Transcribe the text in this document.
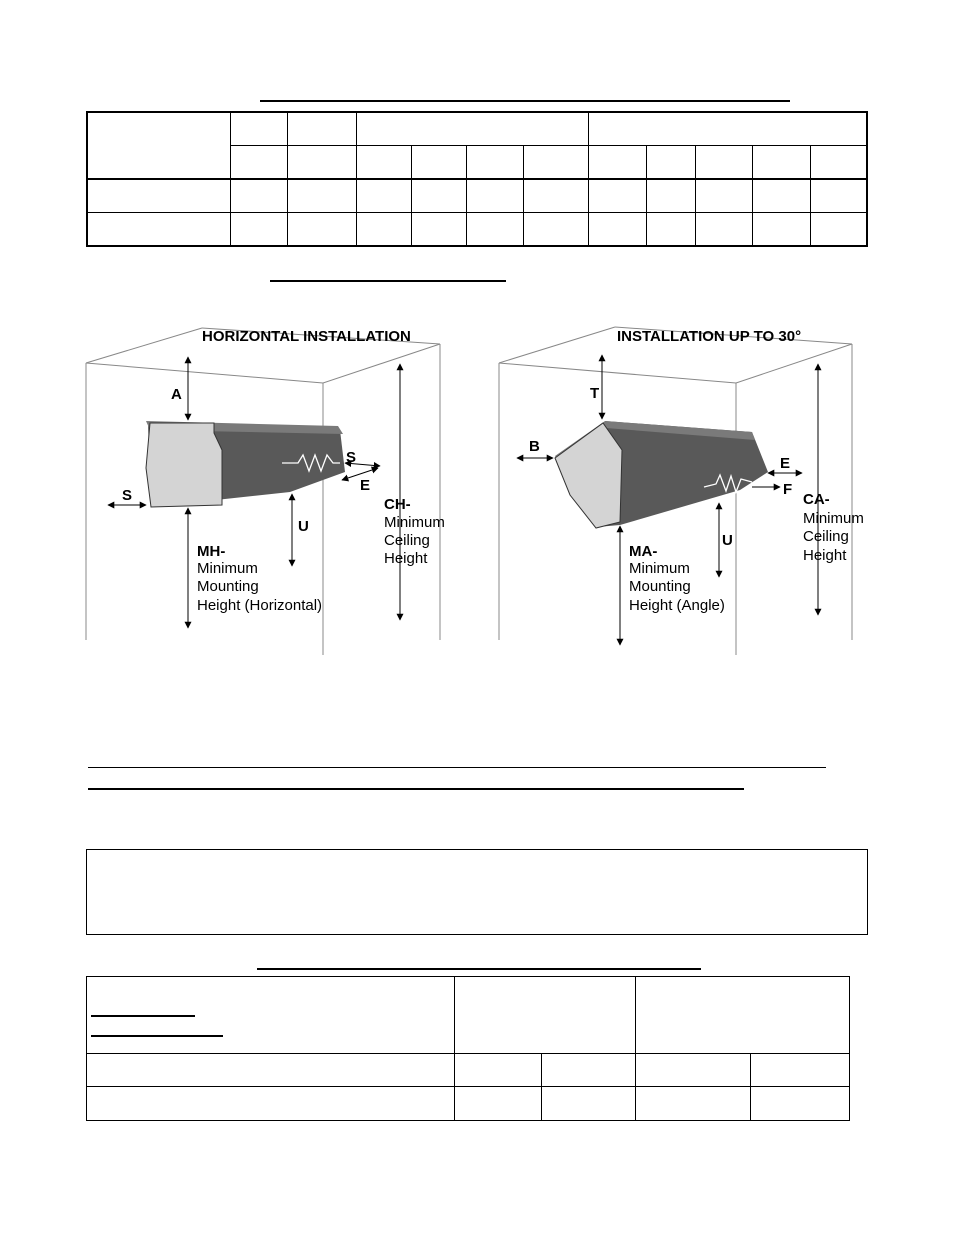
HORIZONTAL INSTALLATION
A
S
S
E
U
CH-
Minimum
Ceiling
Height
MH-
Minimum
Mounting
Height (Horizontal)
INSTALLATION UP TO 30°
T
B
E
F
U
CA-
Minimum
Ceiling
Height
MA-
Minimum
Mounting
Height (Angle)
